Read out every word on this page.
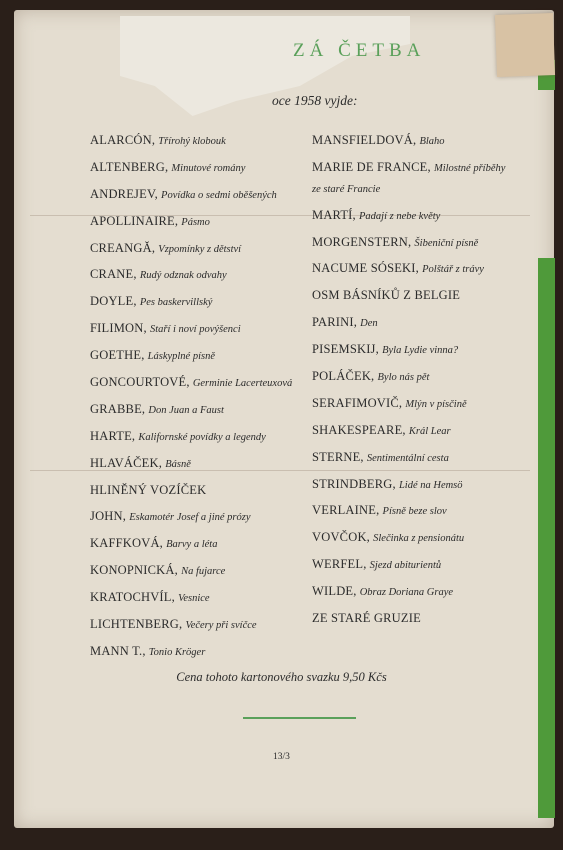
ZÁ ČETBA
oce 1958 vyjde:
ALARCÓN, Třírohý klobouk
ALTENBERG, Minutové romány
ANDREJEV, Povídka o sedmi oběšených
APOLLINAIRE, Pásmo
CREANGĂ, Vzpomínky z dětství
CRANE, Rudý odznak odvahy
DOYLE, Pes baskervillský
FILIMON, Staří i noví povýšenci
GOETHE, Láskyplné písně
GONCOURTOVÉ, Germinie Lacerteuxová
GRABBE, Don Juan a Faust
HARTE, Kalifornské povídky a legendy
HLAVÁČEK, Básně
HLINĚNÝ VOZÍČEK
JOHN, Eskamotér Josef a jiné prózy
KAFFKOVÁ, Barvy a léta
KONOPNICKÁ, Na fujarce
KRATOCHVÍL, Vesnice
LICHTENBERG, Večery při svíčce
MANN T., Tonio Kröger
MANSFIELDOVÁ, Blaho
MARIE DE FRANCE, Milostné příběhy
ze staré Francie
MARTÍ, Padají z nebe květy
MORGENSTERN, Šibeniční písně
NACUME SÓSEKI, Polštář z trávy
OSM BÁSNÍKŮ Z BELGIE
PARINI, Den
PISEMSKIJ, Byla Lydie vinna?
POLÁČEK, Bylo nás pět
SERAFIMOVIČ, Mlýn v písčině
SHAKESPEARE, Král Lear
STERNE, Sentimentální cesta
STRINDBERG, Lidé na Hemsö
VERLAINE, Písně beze slov
VOVČOK, Slečinka z pensionátu
WERFEL, Sjezd abiturientů
WILDE, Obraz Doriana Graye
ZE STARÉ GRUZIE
Cena tohoto kartonového svazku 9,50 Kčs
13/3
